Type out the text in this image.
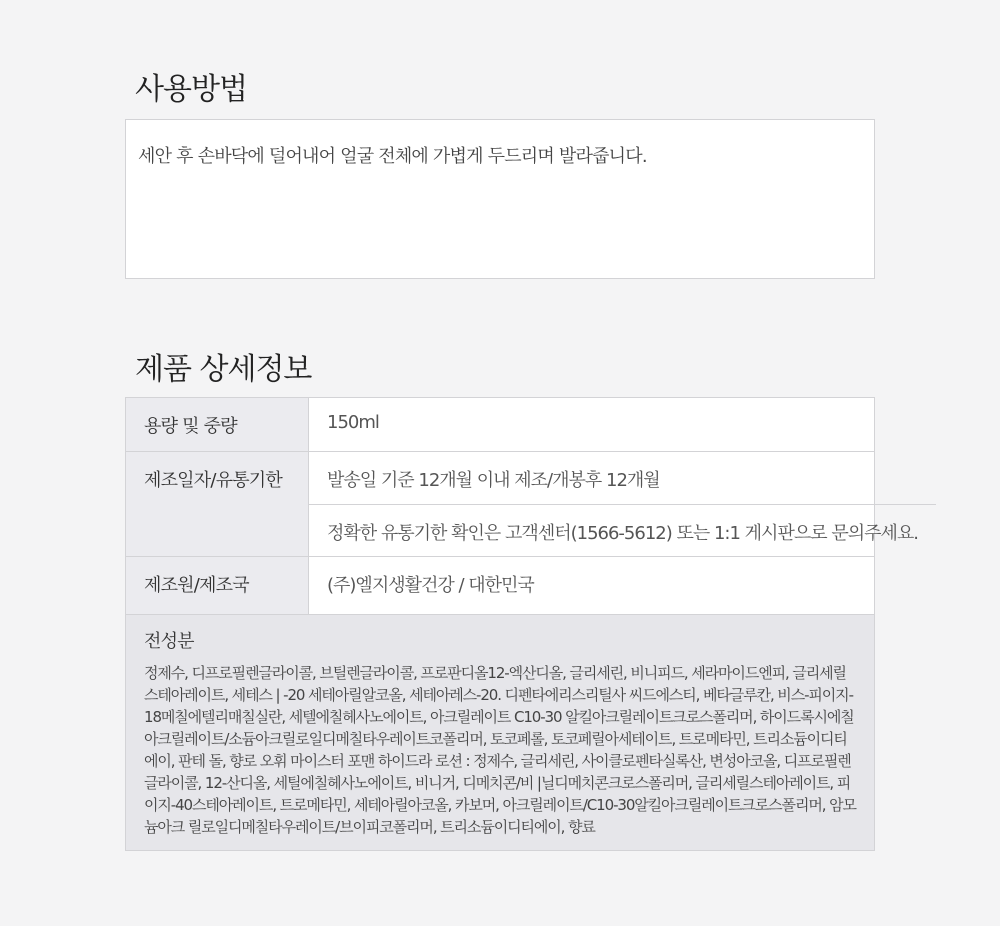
사용방법

세안 후 손바닥에 덜어내어 얼굴 전체에 가볍게 두드리며 발라줍니다.

제품 상세정보
용량 및 중량	150ml
제조일자/유통기한	발송일 기준 12개월 이내 제조/개봉후 12개월
정확한 유통기한 확인은 고객센터(1566-5612) 또는 1:1 게시판으로 문의주세요.
제조원/제조국	(주)엘지생활건강 / 대한민국
전성분

정제수, 디프로필렌글라이콜, 브틸렌글라이콜, 프로판디올12-엑산디올, 글리세린, 비니피드, 세라마이드엔피, 글리세릴스테아레이트, 세테스 | -20 세테아릴알코올, 세테아레스-20. 디펜타에리스리틸사 씨드에스티, 베타글루칸, 비스-피이지-18메칠에텔리매칠실란, 세텔에칠헤사노에이트, 아크릴레이트 C10-30 알킬아크릴레이트크로스폴리머, 하이드록시에칠아크릴레이트/소듐아크릴로일디메칠타우레이트코폴리머, 토코페롤, 토코페릴아세테이트, 트로메타민, 트리소듐이디티에이, 판테 돌, 향로 오휘 마이스터 포맨 하이드라 로션 : 정제수, 글리세린, 사이클로펜타실록산, 변성아코올, 디프로필렌글라이콜, 12-산디올, 세틸에칠헤사노에이트, 비니거, 디메치콘/비 |닐디메치콘크로스폴리머, 글리세릴스테아레이트, 피이지-40스테아레이트, 트로메타민, 세테아릴아코올, 카보머, 아크릴레이트/C10-30알킬아크릴레이트크로스폴리머, 암모늄아크 릴로일디메칠타우레이트/브이피코폴리머, 트리소듐이디티에이, 향료
